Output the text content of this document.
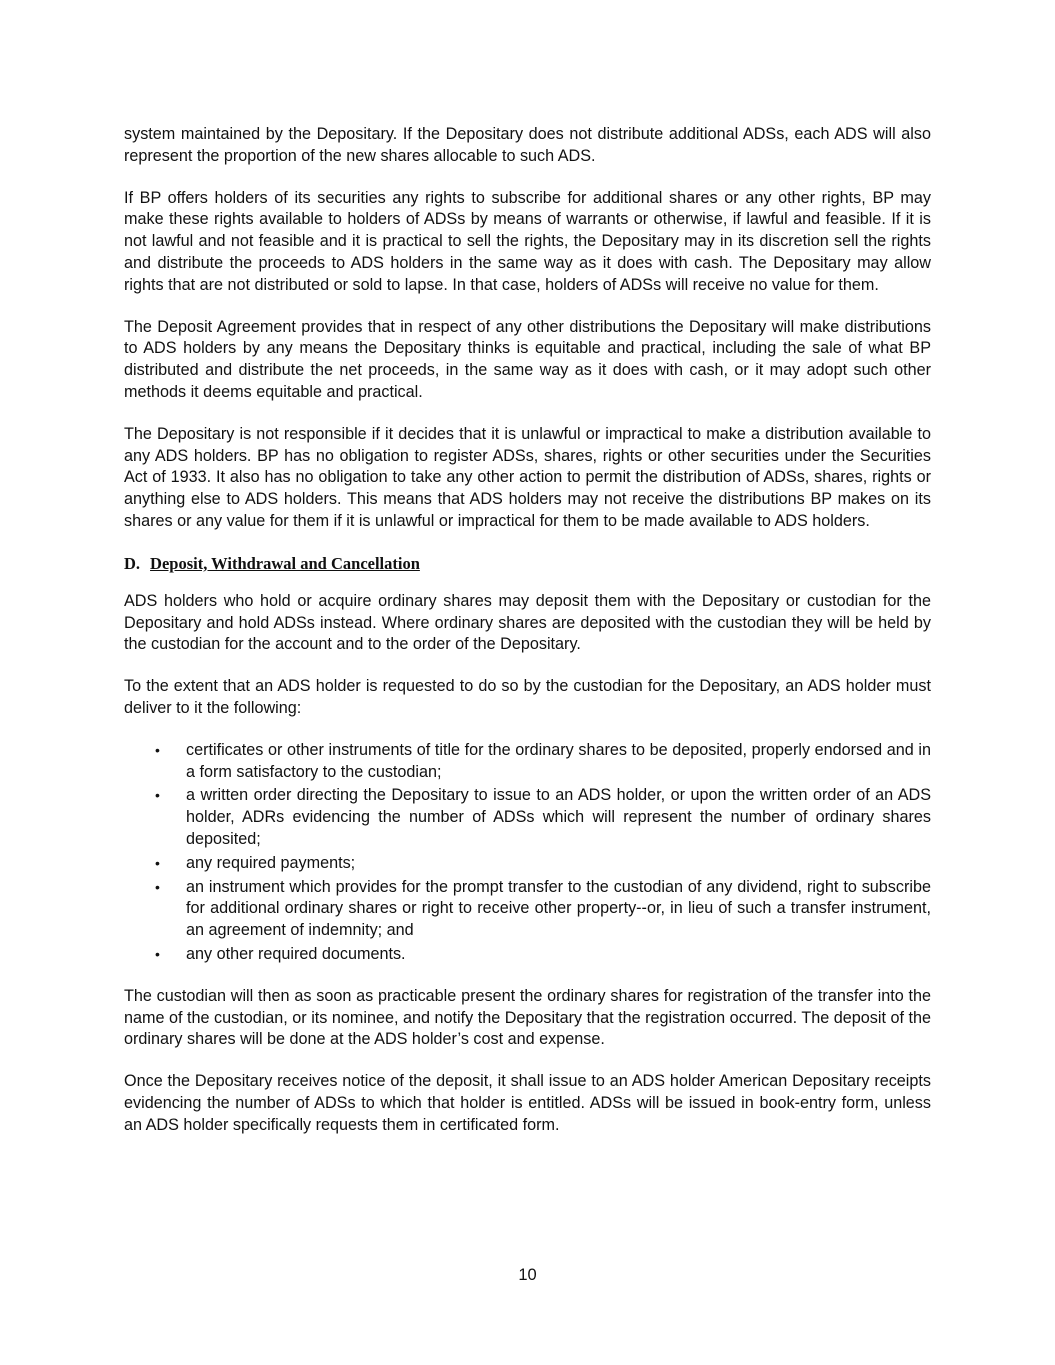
system maintained by the Depositary. If the Depositary does not distribute additional ADSs, each ADS will also represent the proportion of the new shares allocable to such ADS.

If BP offers holders of its securities any rights to subscribe for additional shares or any other rights, BP may make these rights available to holders of ADSs by means of warrants or otherwise, if lawful and feasible. If it is not lawful and not feasible and it is practical to sell the rights, the Depositary may in its discretion sell the rights and distribute the proceeds to ADS holders in the same way as it does with cash. The Depositary may allow rights that are not distributed or sold to lapse. In that case, holders of ADSs will receive no value for them.

The Deposit Agreement provides that in respect of any other distributions the Depositary will make distributions to ADS holders by any means the Depositary thinks is equitable and practical, including the sale of what BP distributed and distribute the net proceeds, in the same way as it does with cash, or it may adopt such other methods it deems equitable and practical.

The Depositary is not responsible if it decides that it is unlawful or impractical to make a distribution available to any ADS holders. BP has no obligation to register ADSs, shares, rights or other securities under the Securities Act of 1933. It also has no obligation to take any other action to permit the distribution of ADSs, shares, rights or anything else to ADS holders. This means that ADS holders may not receive the distributions BP makes on its shares or any value for them if it is unlawful or impractical for them to be made available to ADS holders.

D. Deposit, Withdrawal and Cancellation

ADS holders who hold or acquire ordinary shares may deposit them with the Depositary or custodian for the Depositary and hold ADSs instead. Where ordinary shares are deposited with the custodian they will be held by the custodian for the account and to the order of the Depositary.

To the extent that an ADS holder is requested to do so by the custodian for the Depositary, an ADS holder must deliver to it the following:

• certificates or other instruments of title for the ordinary shares to be deposited, properly endorsed and in a form satisfactory to the custodian;
• a written order directing the Depositary to issue to an ADS holder, or upon the written order of an ADS holder, ADRs evidencing the number of ADSs which will represent the number of ordinary shares deposited;
• any required payments;
• an instrument which provides for the prompt transfer to the custodian of any dividend, right to subscribe for additional ordinary shares or right to receive other property--or, in lieu of such a transfer instrument, an agreement of indemnity; and
• any other required documents.

The custodian will then as soon as practicable present the ordinary shares for registration of the transfer into the name of the custodian, or its nominee, and notify the Depositary that the registration occurred. The deposit of the ordinary shares will be done at the ADS holder’s cost and expense.

Once the Depositary receives notice of the deposit, it shall issue to an ADS holder American Depositary receipts evidencing the number of ADSs to which that holder is entitled. ADSs will be issued in book-entry form, unless an ADS holder specifically requests them in certificated form.

10
